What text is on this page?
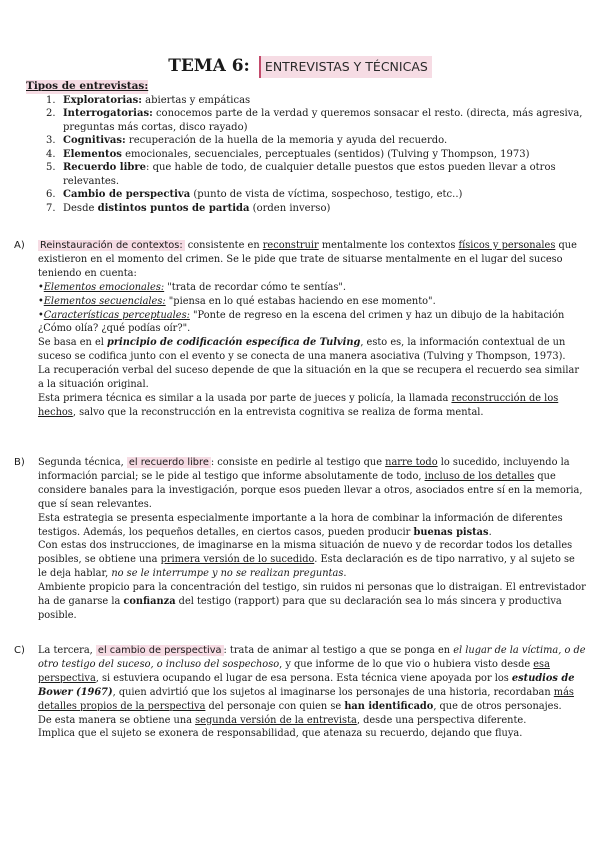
TEMA 6: ENTREVISTAS Y TÉCNICAS
Tipos de entrevistas:
1. Exploratorias: abiertas y empáticas
2. Interrogatorias: conocemos parte de la verdad y queremos sonsacar el resto. (directa, más agresiva, preguntas más cortas, disco rayado)
3. Cognitivas: recuperación de la huella de la memoria y ayuda del recuerdo.
4. Elementos emocionales, secuenciales, perceptuales (sentidos) (Tulving y Thompson, 1973)
5. Recuerdo libre: que hable de todo, de cualquier detalle puestos que estos pueden llevar a otros relevantes.
6. Cambio de perspectiva (punto de vista de víctima, sospechoso, testigo, etc..)
7. Desde distintos puntos de partida (orden inverso)
A) Reinstauración de contextos: consistente en reconstruir mentalmente los contextos físicos y personales que existieron en el momento del crimen. Se le pide que trate de situarse mentalmente en el lugar del suceso teniendo en cuenta:

•Elementos emocionales: "trata de recordar cómo te sentías".

•Elementos secuenciales: "piensa en lo qué estabas haciendo en ese momento".

•Características perceptuales: "Ponte de regreso en la escena del crimen y haz un dibujo de la habitación ¿Cómo olía? ¿qué podías oír?".

Se basa en el principio de codificación específica de Tulving, esto es, la información contextual de un suceso se codifica junto con el evento y se conecta de una manera asociativa (Tulving y Thompson, 1973).

La recuperación verbal del suceso depende de que la situación en la que se recupera el recuerdo sea similar a la situación original.

Esta primera técnica es similar a la usada por parte de jueces y policía, la llamada reconstrucción de los hechos, salvo que la reconstrucción en la entrevista cognitiva se realiza de forma mental.

B) Segunda técnica, el recuerdo libre : consiste en pedirle al testigo que narre todo lo sucedido, incluyendo la información parcial; se le pide al testigo que informe absolutamente de todo, incluso de los detalles que considere banales para la investigación, porque esos pueden llevar a otros, asociados entre sí en la memoria, que sí sean relevantes.

Esta estrategia se presenta especialmente importante a la hora de combinar la información de diferentes testigos. Además, los pequeños detalles, en ciertos casos, pueden producir buenas pistas.

Con estas dos instrucciones, de imaginarse en la misma situación de nuevo y de recordar todos los detalles posibles, se obtiene una primera versión de lo sucedido. Esta declaración es de tipo narrativo, y al sujeto se le deja hablar, no se le interrumpe y no se realizan preguntas.

Ambiente propicio para la concentración del testigo, sin ruidos ni personas que lo distraigan. El entrevistador ha de ganarse la confianza del testigo (rapport) para que su declaración sea lo más sincera y productiva posible.

C) La tercera, el cambio de perspectiva : trata de animar al testigo a que se ponga en el lugar de la víctima, o de otro testigo del suceso, o incluso del sospechoso, y que informe de lo que vio o hubiera visto desde esa perspectiva, si estuviera ocupando el lugar de esa persona. Esta técnica viene apoyada por los estudios de Bower (1967), quien advirtió que los sujetos al imaginarse los personajes de una historia, recordaban más detalles propios de la perspectiva del personaje con quien se han identificado, que de otros personajes.

De esta manera se obtiene una segunda versión de la entrevista, desde una perspectiva diferente.

Implica que el sujeto se exonera de responsabilidad, que atenaza su recuerdo, dejando que fluya.
